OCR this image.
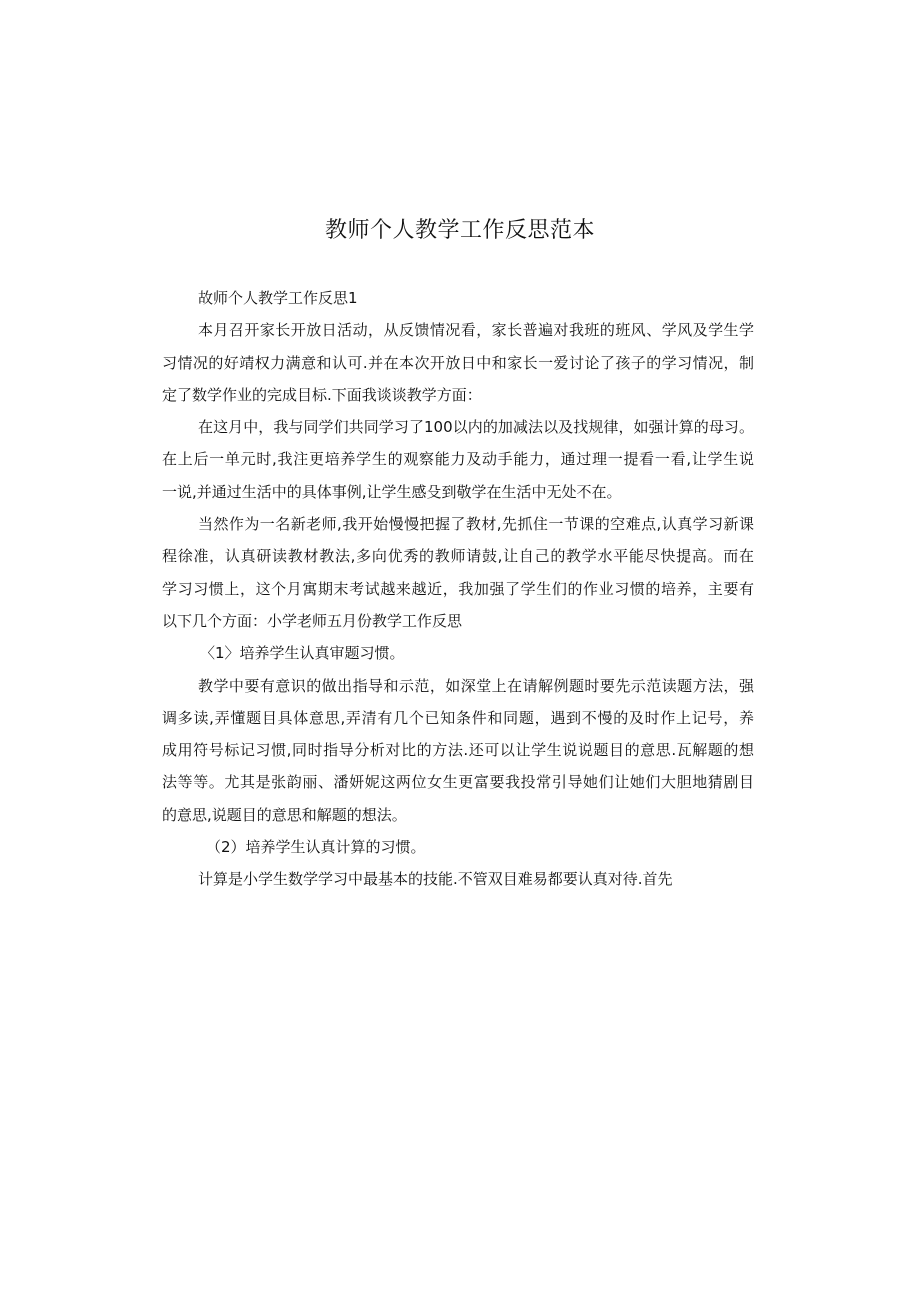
教师个人教学工作反思范本
故师个人教学工作反思1
本月召开家长开放日活动，从反馈情况看，家长普遍对我班的班风、学风及学生学
习情况的好靖权力满意和认可.并在本次开放日中和家长一爱讨论了孩子的学习情况，制
定了数学作业的完成目标.下面我谈谈教学方面：
在这月中，我与同学们共同学习了100以内的加减法以及找规律，如强计算的母习。
在上后一单元时,我注更培养学生的观察能力及动手能力，通过理一提看一看,让学生说
一说,并通过生活中的具体事例,让学生感殳到敬学在生活中无处不在。
当然作为一名新老师,我开始慢慢把握了教材,先抓住一节课的空难点,认真学习新课
程徐准，认真研读教材教法,多向优秀的教师请鼓,让自己的教学水平能尽快提高。而在
学习习惯上，这个月寓期末考试越来越近，我加强了学生们的作业习惯的培养，主要有
以下几个方面：小学老师五月份教学工作反思
〈1〉培养学生认真审题习惯。
教学中要有意识的做出指导和示范，如深堂上在请解例题时要先示范读题方法，强
调多读,弄懂题目具体意思,弄清有几个已知条件和同题，遇到不慢的及时作上记号，养
成用符号标记习惯,同时指导分析对比的方法.还可以让学生说说题目的意思.瓦解题的想
法等等。尤其是张韵丽、潘妍妮这两位女生更富要我投常引导她们让她们大胆地猜剧目
的意思,说题目的意思和解题的想法。
（2）培养学生认真计算的习惯。
计算是小学生数学学习中最基本的技能.不管双目难易都要认真对待.首先
